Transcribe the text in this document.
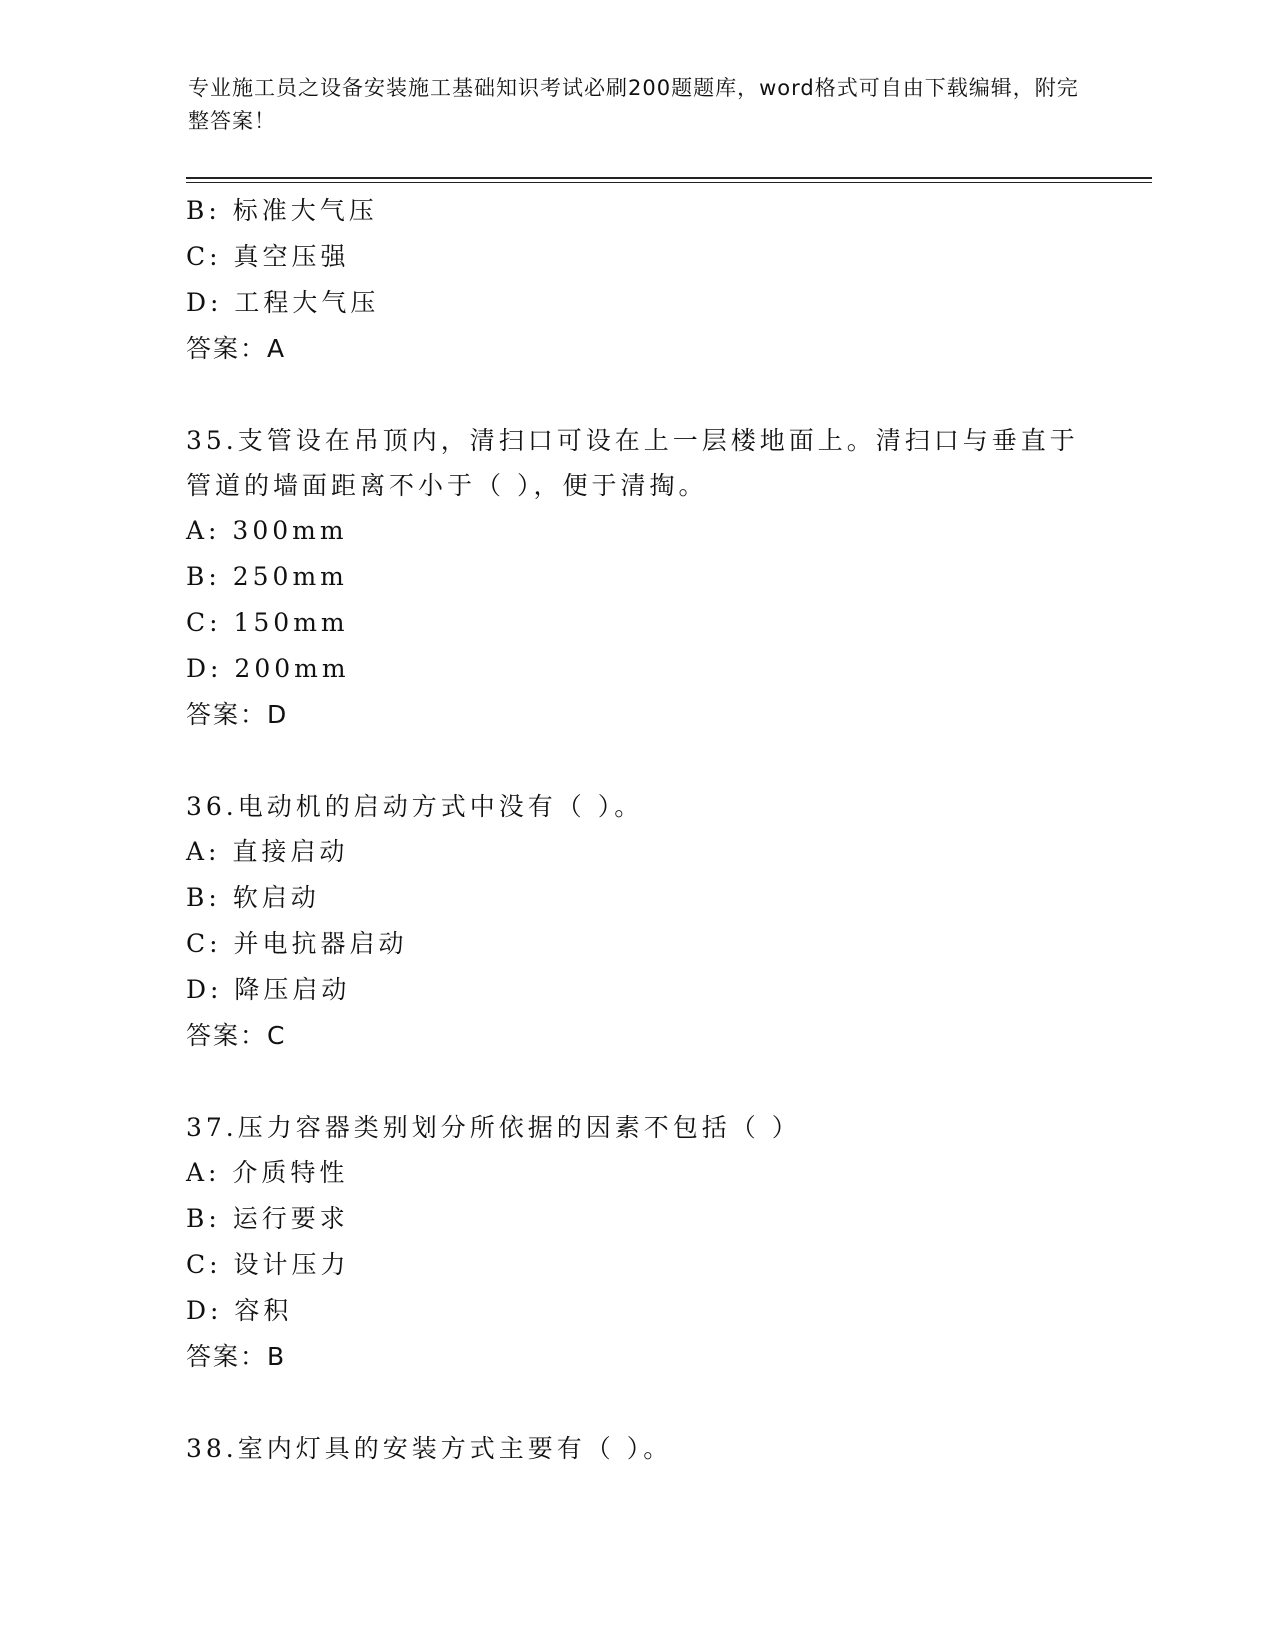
专业施工员之设备安装施工基础知识考试必刷200题题库，word格式可自由下载编辑，附完整答案！
B: 标准大气压
C: 真空压强
D: 工程大气压
答案：A
35.支管设在吊顶内，清扫口可设在上一层楼地面上。清扫口与垂直于管道的墙面距离不小于（ ），便于清掏。
A: 300mm
B: 250mm
C: 150mm
D: 200mm
答案：D
36.电动机的启动方式中没有（ ）。
A: 直接启动
B: 软启动
C: 并电抗器启动
D: 降压启动
答案：C
37.压力容器类别划分所依据的因素不包括（ ）
A: 介质特性
B: 运行要求
C: 设计压力
D: 容积
答案：B
38.室内灯具的安装方式主要有（ ）。
